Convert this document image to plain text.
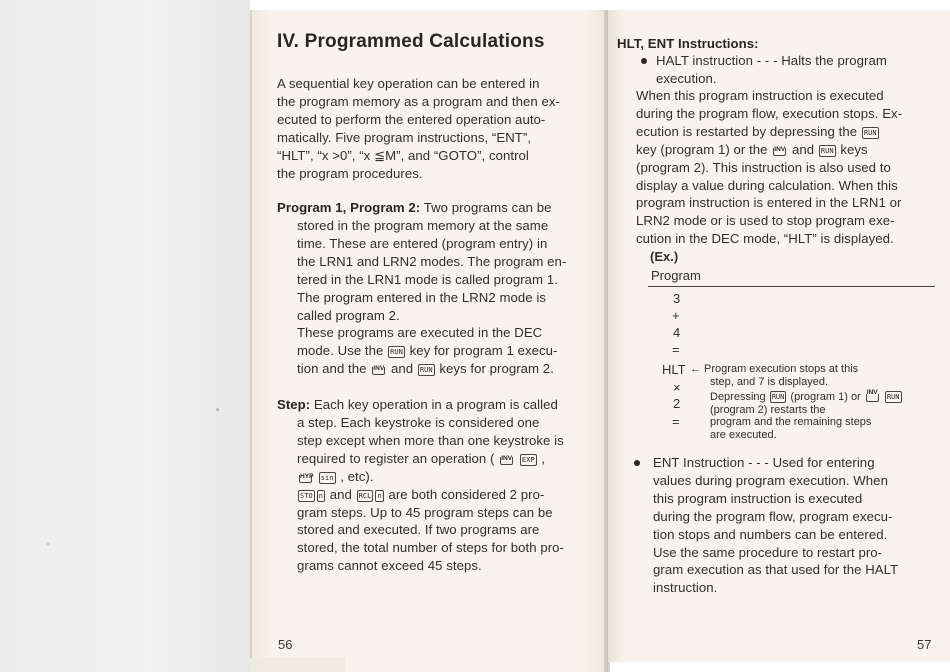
IV. Programmed Calculations
A sequential key operation can be entered in
the program memory as a program and then ex-
ecuted to perform the entered operation auto-
matically. Five program instructions, “ENT”,
“HLT”, “x >0”, “x ≦M”, and “GOTO”, control
the program procedures.
Program 1, Program 2: Two programs can be
stored in the program memory at the same
time. These are entered (program entry) in
the LRN1 and LRN2 modes. The program en-
tered in the LRN1 mode is called program 1.
The program entered in the LRN2 mode is
called program 2.
These programs are executed in the DEC
mode. Use the RUN key for program 1 execu-
tion and the INV and RUN keys for program 2.
Step: Each key operation in a program is called
a step. Each keystroke is considered one
step except when more than one keystroke is
required to register an operation ( INV EXP ,
HYP sin , etc).
STO n and RCL n are both considered 2 pro-
gram steps. Up to 45 program steps can be
stored and executed. If two programs are
stored, the total number of steps for both pro-
grams cannot exceed 45 steps.
56
HLT, ENT Instructions:
HALT instruction - - - Halts the program
execution.
When this program instruction is executed
during the program flow, execution stops. Ex-
ecution is restarted by depressing the RUN
key (program 1) or the INV and RUN keys
(program 2). This instruction is also used to
display a value during calculation. When this
program instruction is entered in the LRN1 or
LRN2 mode or is used to stop program exe-
cution in the DEC mode, “HLT” is displayed.
(Ex.)
Program
3
+
4
=
HLT
×
2
=
← Program execution stops at this
step, and 7 is displayed.
Depressing RUN (program 1) or INV
RUN
(program 2) restarts the
program and the remaining steps
are executed.
ENT Instruction - - - Used for entering
values during program execution. When
this program instruction is executed
during the program flow, program execu-
tion stops and numbers can be entered.
Use the same procedure to restart pro-
gram execution as that used for the HALT
instruction.
57
